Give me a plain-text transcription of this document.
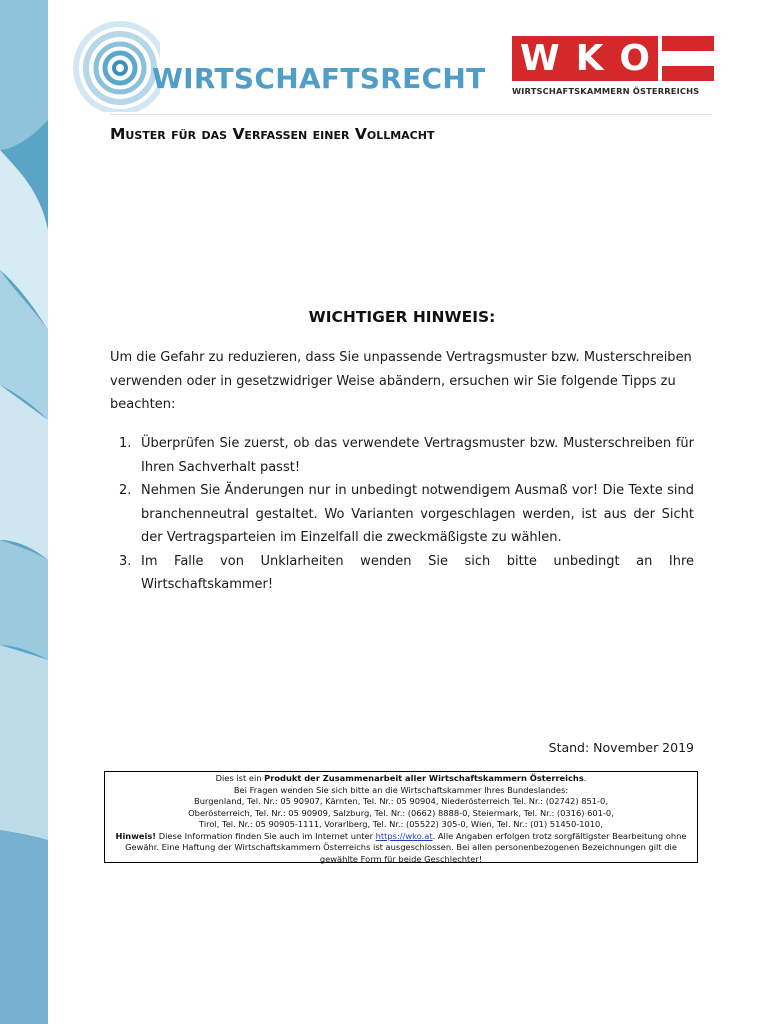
WIRTSCHAFTSRECHT W K O
WIRTSCHAFTSKAMMERN ÖSTERREICHS
Muster für das Verfassen einer Vollmacht
WICHTIGER HINWEIS:

Um die Gefahr zu reduzieren, dass Sie unpassende Vertragsmuster bzw. Musterschreiben verwenden oder in gesetzwidriger Weise abändern, ersuchen wir Sie folgende Tipps zu beachten:

1. Überprüfen Sie zuerst, ob das verwendete Vertragsmuster bzw. Musterschreiben für Ihren Sachverhalt passt!
2. Nehmen Sie Änderungen nur in unbedingt notwendigem Ausmaß vor! Die Texte sind branchenneutral gestaltet. Wo Varianten vorgeschlagen werden, ist aus der Sicht der Vertragsparteien im Einzelfall die zweckmäßigste zu wählen.
3. Im Falle von Unklarheiten wenden Sie sich bitte unbedingt an Ihre Wirtschaftskammer!
Stand: November 2019
Dies ist ein Produkt der Zusammenarbeit aller Wirtschaftskammern Österreichs.
Bei Fragen wenden Sie sich bitte an die Wirtschaftskammer Ihres Bundeslandes:
Burgenland, Tel. Nr.: 05 90907, Kärnten, Tel. Nr.: 05 90904, Niederösterreich Tel. Nr.: (02742) 851-0,
Oberösterreich, Tel. Nr.: 05 90909, Salzburg, Tel. Nr.: (0662) 8888-0, Steiermark, Tel. Nr.: (0316) 601-0,
Tirol, Tel. Nr.: 05 90905-1111, Vorarlberg, Tel. Nr.: (05522) 305-0, Wien, Tel. Nr.: (01) 51450-1010,
Hinweis! Diese Information finden Sie auch im Internet unter https://wko.at. Alle Angaben erfolgen trotz sorgfältigster Bearbeitung ohne Gewähr. Eine Haftung der Wirtschaftskammern Österreichs ist ausgeschlossen. Bei allen personenbezogenen Bezeichnungen gilt die gewählte Form für beide Geschlechter!
